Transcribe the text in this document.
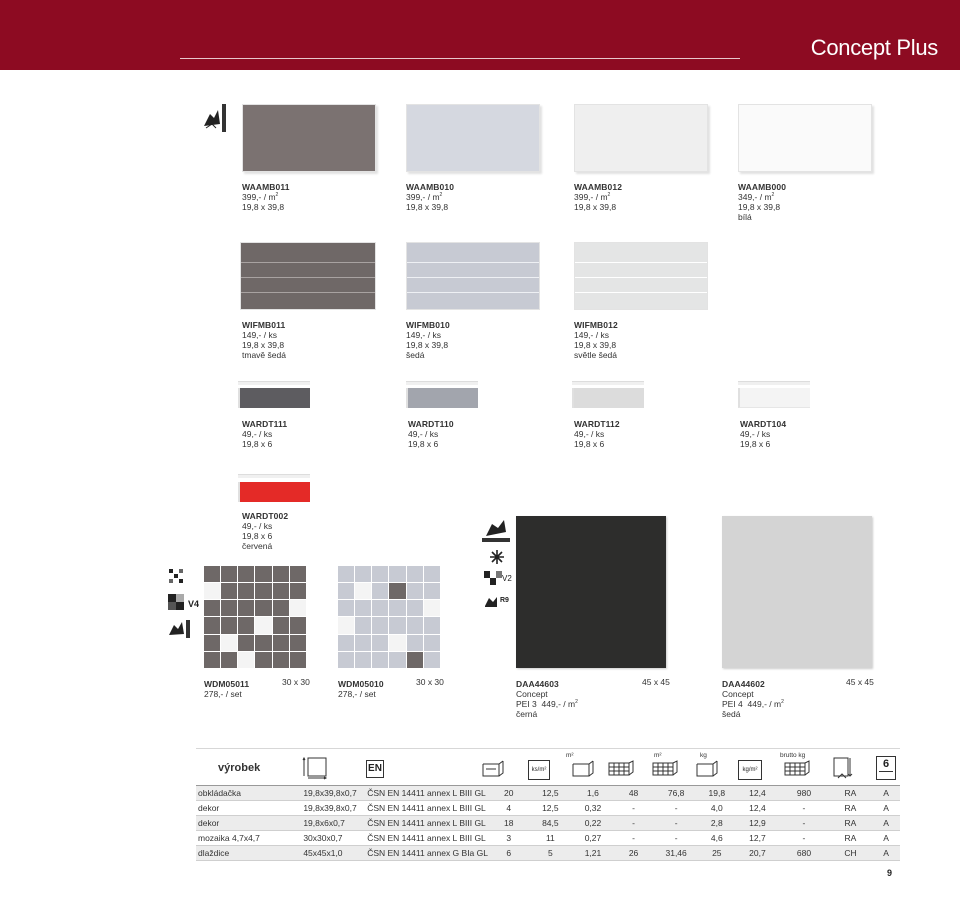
Concept Plus
WAAMB011
$399,- / m^2$
19,8 x 39,8
WAAMB010
$399,- / m^2$
19,8 x 39,8
WAAMB012
$399,- / m^2$
19,8 x 39,8
WAAMB000
$349,- / m^2$
19,8 x 39,8
bílá
WIFMB011
149,- / ks
19,8 x 39,8
tmavě šedá
WIFMB010
149,- / ks
19,8 x 39,8
šedá
WIFMB012
149,- / ks
19,8 x 39,8
světle šedá
WARDT111
49,- / ks
19,8 x 6
WARDT110
49,- / ks
19,8 x 6
WARDT112
49,- / ks
19,8 x 6
WARDT104
49,- / ks
19,8 x 6
WARDT002
49,- / ks
19,8 x 6
červená
V4
WDM05011
278,- / set
30 x 30	WDM05010
278,- / set
30 x 30
V2
R9
DAA44603
Concept
PEI 3 $449,- / m^2$
černá
45 x 45	DAA44602
Concept
PEI 4 $449,- / m^2$
šedá
45 x 45
výrobek	EN	ks/m²
m²	m²	kg
kg/m²
brutto kg
6
obkládačka	19,8x39,8x0,7	ČSN EN 14411 annex L BIII GL	20	12,5	1,6	48	76,8	19,8	12,4	980	RA	A
dekor	19,8x39,8x0,7	ČSN EN 14411 annex L BIII GL	4	12,5	0,32	-	-	4,0	12,4	-	RA	A
dekor	19,8x6x0,7	ČSN EN 14411 annex L BIII GL	18	84,5	0,22	-	-	2,8	12,9	-	RA	A
mozaika 4,7x4,7	30x30x0,7	ČSN EN 14411 annex L BIII GL	3	11	0,27	-	-	4,6	12,7	-	RA	A
dlaždice	45x45x1,0	ČSN EN 14411 annex G BIa GL	6	5	1,21	26	31,46	25	20,7	680	CH	A
9
